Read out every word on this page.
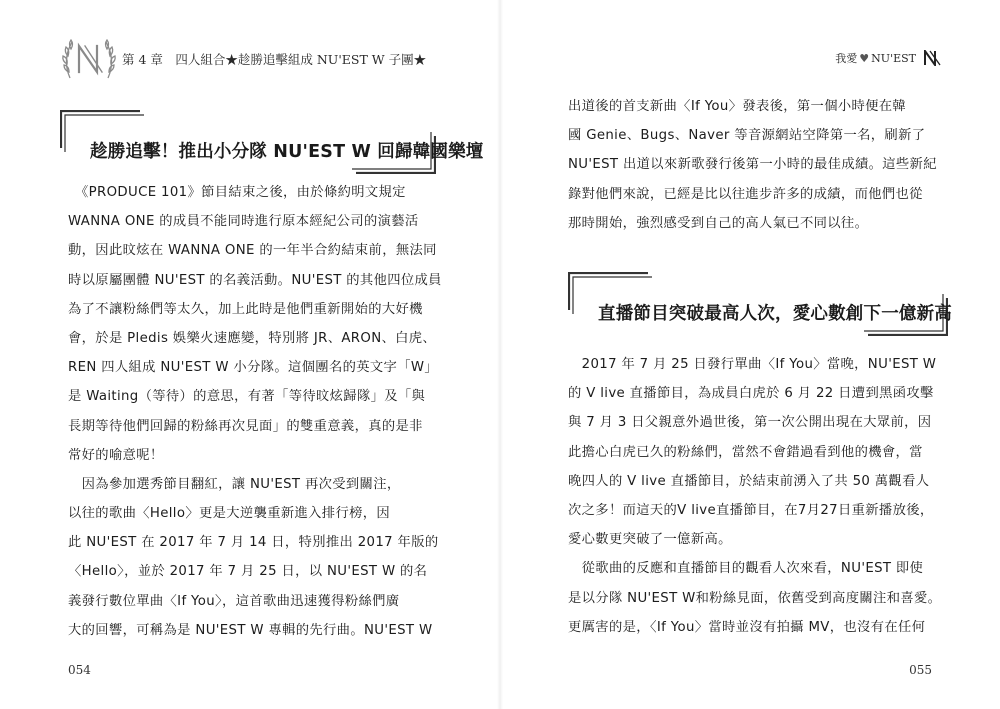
第 4 章　四人組合★趁勝追擊組成 NU'EST W 子團★
趁勝追擊！推出小分隊 NU'EST W 回歸韓國樂壇
　《PRODUCE 101》節目結束之後，由於條約明文規定
WANNA ONE 的成員不能同時進行原本經紀公司的演藝活
動，因此旼炫在 WANNA ONE 的一年半合約結束前，無法同
時以原屬團體 NU'EST 的名義活動。NU'EST 的其他四位成員
為了不讓粉絲們等太久，加上此時是他們重新開始的大好機
會，於是 Pledis 娛樂火速應變，特別將 JR、ARON、白虎、
REN 四人組成 NU'EST W 小分隊。這個團名的英文字「W」
是 Waiting（等待）的意思，有著「等待旼炫歸隊」及「與
長期等待他們回歸的粉絲再次見面」的雙重意義，真的是非
常好的喻意呢！
　因為參加選秀節目翻紅，讓 NU'EST 再次受到關注，
以往的歌曲〈Hello〉更是大逆襲重新進入排行榜，因
此 NU'EST 在 2017 年 7 月 14 日，特別推出 2017 年版的
〈Hello〉，並於 2017 年 7 月 25 日，以 NU'EST W 的名
義發行數位單曲〈If You〉，這首歌曲迅速獲得粉絲們廣
大的回響，可稱為是 NU'EST W 專輯的先行曲。NU'EST W
054
我愛 ♥ NU'EST
出道後的首支新曲〈If You〉發表後，第一個小時便在韓
國 Genie、Bugs、Naver 等音源網站空降第一名，刷新了
NU'EST 出道以來新歌發行後第一小時的最佳成績。這些新紀
錄對他們來說，已經是比以往進步許多的成績，而他們也從
那時開始，強烈感受到自己的高人氣已不同以往。
直播節目突破最高人次，愛心數創下一億新高
　2017 年 7 月 25 日發行單曲〈If You〉當晚，NU'EST W
的 V live 直播節目，為成員白虎於 6 月 22 日遭到黑函攻擊
與 7 月 3 日父親意外過世後，第一次公開出現在大眾前，因
此擔心白虎已久的粉絲們，當然不會錯過看到他的機會，當
晚四人的 V live 直播節目，於結束前湧入了共 50 萬觀看人
次之多！而這天的V live直播節目，在7月27日重新播放後，
愛心數更突破了一億新高。
　從歌曲的反應和直播節目的觀看人次來看，NU'EST 即使
是以分隊 NU'EST W和粉絲見面，依舊受到高度關注和喜愛。
更厲害的是，〈If You〉當時並沒有拍攝 MV，也沒有在任何
055
